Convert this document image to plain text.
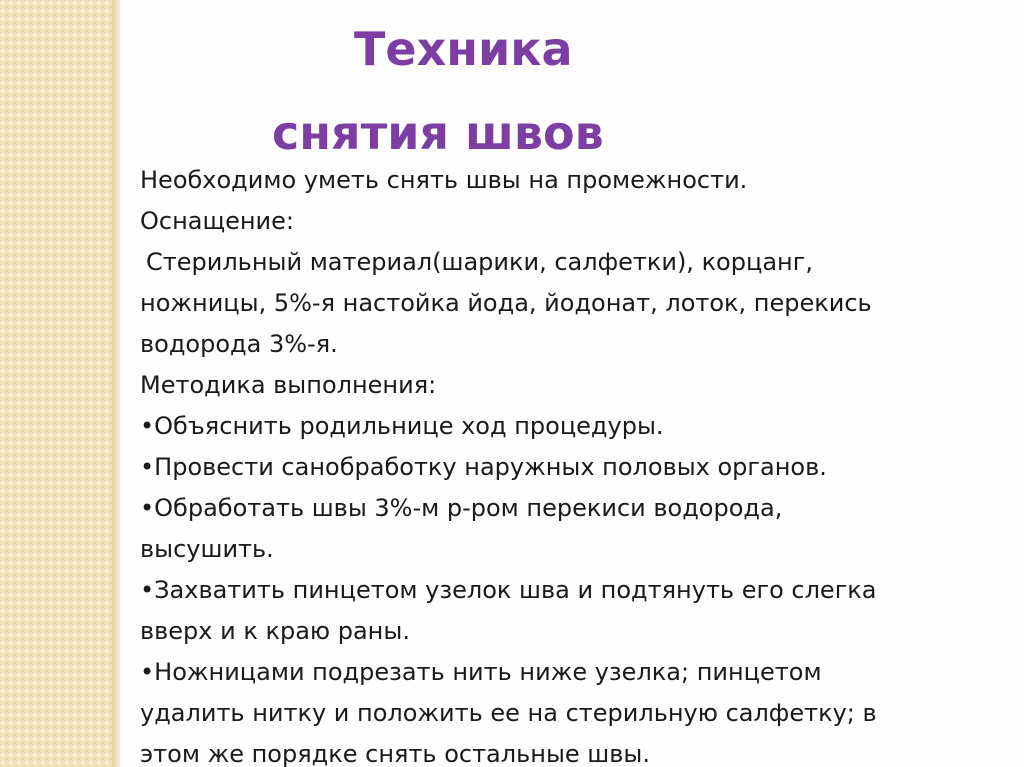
Техника
снятия швов
Необходимо уметь снять швы на промежности.
Оснащение:
Стерильный материал(шарики, салфетки), корцанг,
ножницы, 5%-я настойка йода, йодонат, лоток, перекись
водорода 3%-я.
Методика выполнения:
•Объяснить родильнице ход процедуры.
•Провести санобработку наружных половых органов.
•Обработать швы 3%-м р-ром перекиси водорода,
высушить.
•Захватить пинцетом узелок шва и подтянуть его слегка
вверх и к краю раны.
•Ножницами подрезать нить ниже узелка; пинцетом
удалить нитку и положить ее на стерильную салфетку; в
этом же порядке снять остальные швы.
